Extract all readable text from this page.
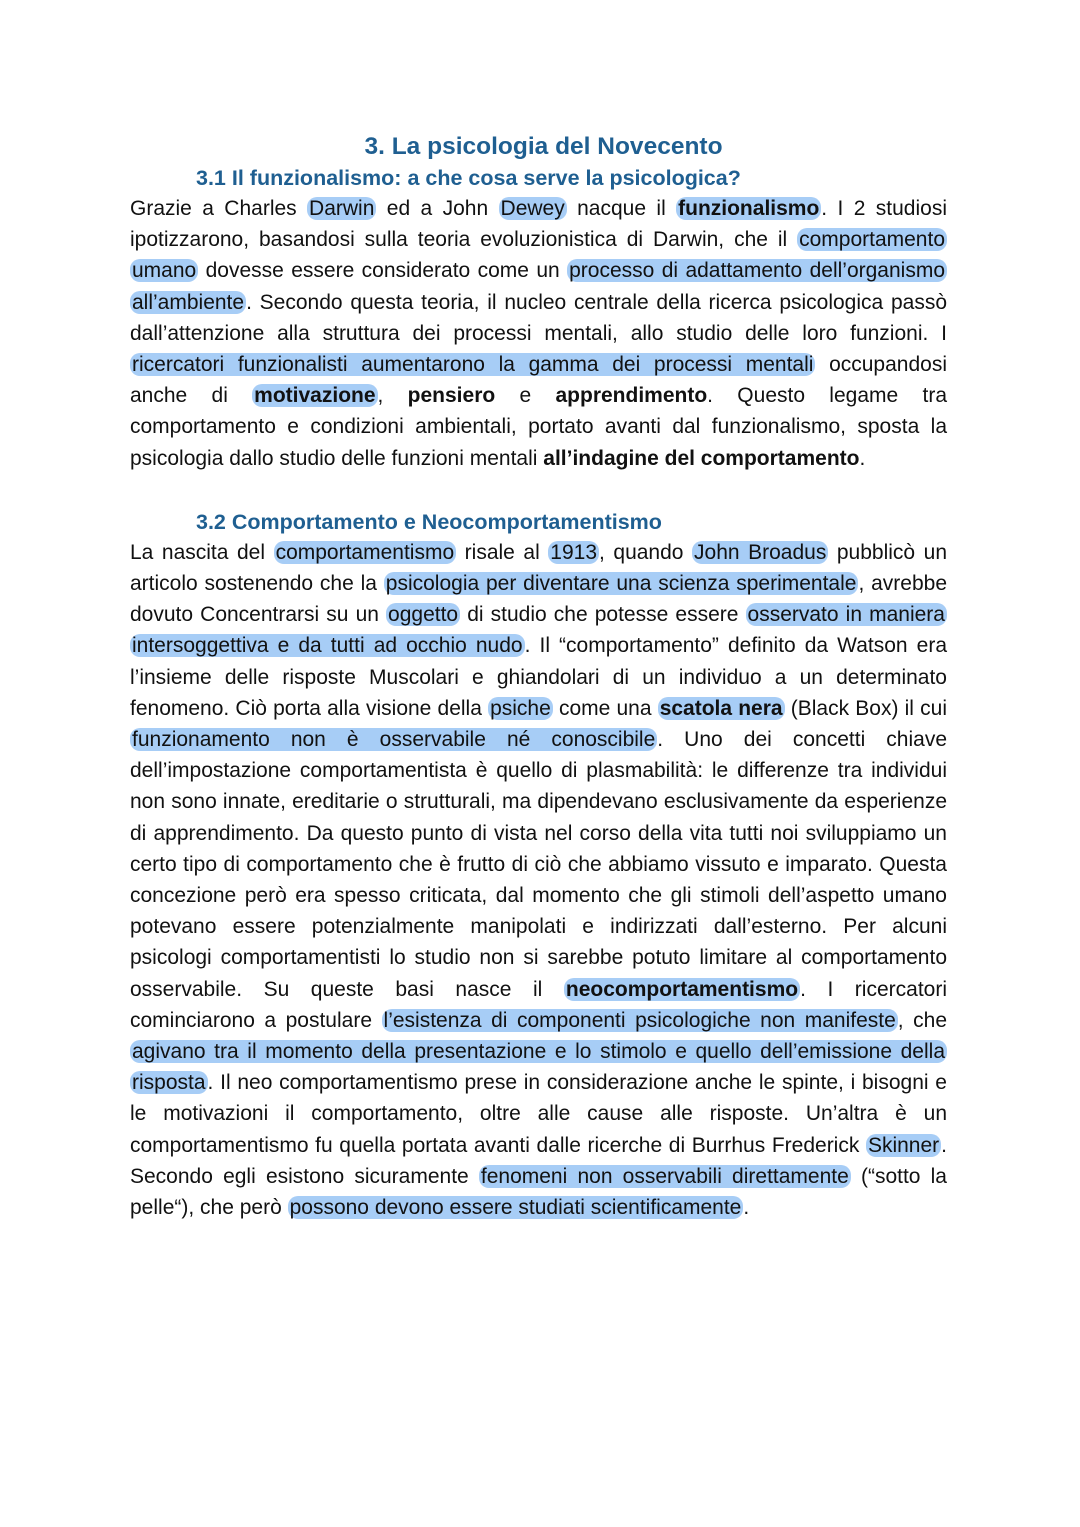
3. La psicologia del Novecento
3.1 Il funzionalismo: a che cosa serve la psicologica?

Grazie a Charles Darwin ed a John Dewey nacque il funzionalismo. I 2 studiosi ipotizzarono, basandosi sulla teoria evoluzionistica di Darwin, che il comportamento umano dovesse essere considerato come un processo di adattamento dell’organismo all’ambiente. Secondo questa teoria, il nucleo centrale della ricerca psicologica passò dall’attenzione alla struttura dei processi mentali, allo studio delle loro funzioni. I ricercatori funzionalisti aumentarono la gamma dei processi mentali occupandosi anche di motivazione, pensiero e apprendimento. Questo legame tra comportamento e condizioni ambientali, portato avanti dal funzionalismo, sposta la psicologia dallo studio delle funzioni mentali all’indagine del comportamento.

3.2 Comportamento e Neocomportamentismo

La nascita del comportamentismo risale al 1913, quando John Broadus pubblicò un articolo sostenendo che la psicologia per diventare una scienza sperimentale, avrebbe dovuto Concentrarsi su un oggetto di studio che potesse essere osservato in maniera intersoggettiva e da tutti ad occhio nudo. Il “comportamento” definito da Watson era l’insieme delle risposte Muscolari e ghiandolari di un individuo a un determinato fenomeno. Ciò porta alla visione della psiche come una scatola nera (Black Box) il cui funzionamento non è osservabile né conoscibile. Uno dei concetti chiave dell’impostazione comportamentista è quello di plasmabilità: le differenze tra individui non sono innate, ereditarie o strutturali, ma dipendevano esclusivamente da esperienze di apprendimento. Da questo punto di vista nel corso della vita tutti noi sviluppiamo un certo tipo di comportamento che è frutto di ciò che abbiamo vissuto e imparato. Questa concezione però era spesso criticata, dal momento che gli stimoli dell’aspetto umano potevano essere potenzialmente manipolati e indirizzati dall’esterno. Per alcuni psicologi comportamentisti lo studio non si sarebbe potuto limitare al comportamento osservabile. Su queste basi nasce il neocomportamentismo. I ricercatori cominciarono a postulare l’esistenza di componenti psicologiche non manifeste, che agivano tra il momento della presentazione e lo stimolo e quello dell’emissione della risposta. Il neo comportamentismo prese in considerazione anche le spinte, i bisogni e le motivazioni il comportamento, oltre alle cause alle risposte. Un’altra è un comportamentismo fu quella portata avanti dalle ricerche di Burrhus Frederick Skinner. Secondo egli esistono sicuramente fenomeni non osservabili direttamente (“sotto la pelle“), che però possono devono essere studiati scientificamente.
